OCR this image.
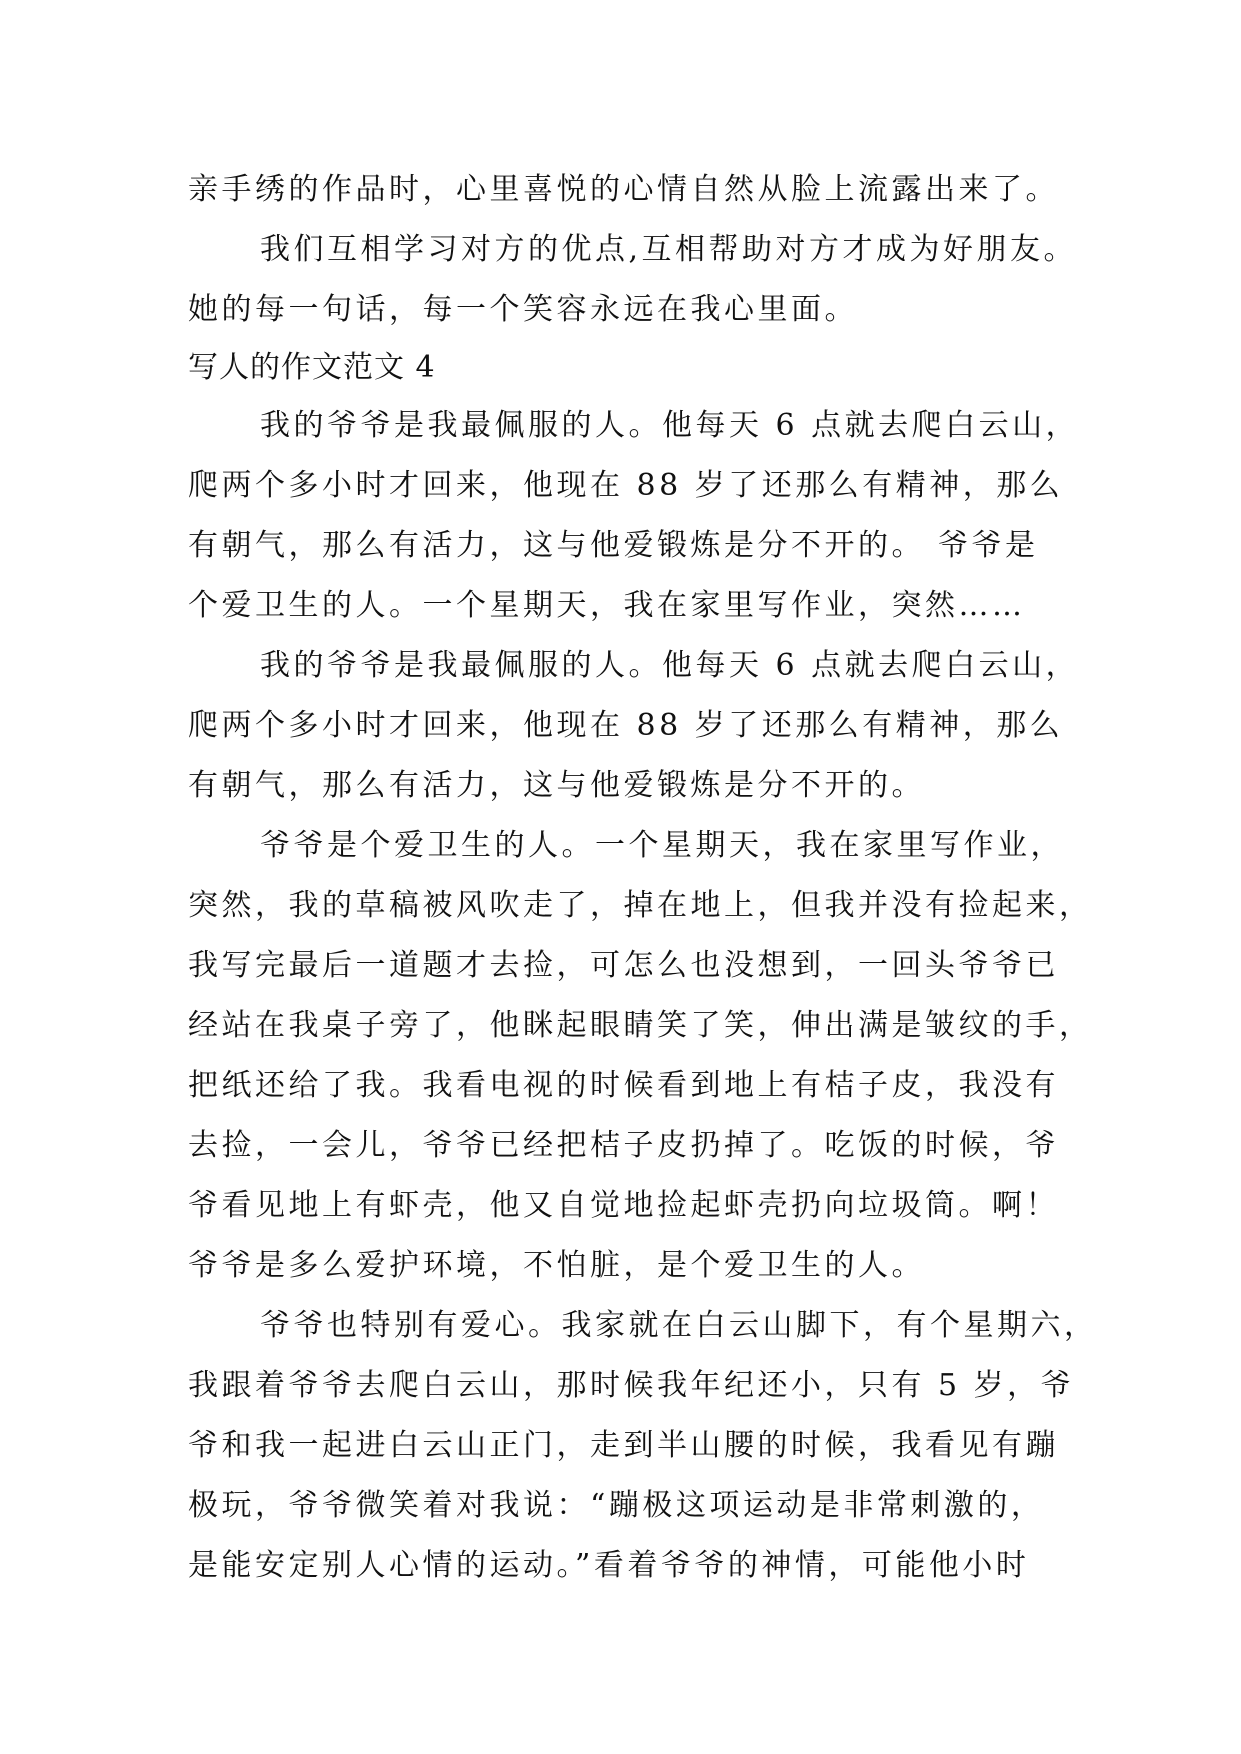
亲手绣的作品时，心里喜悦的心情自然从脸上流露出来了。
我们互相学习对方的优点,互相帮助对方才成为好朋友。
她的每一句话，每一个笑容永远在我心里面。
写人的作文范文 4
我的爷爷是我最佩服的人。他每天 6 点就去爬白云山，
爬两个多小时才回来，他现在 88 岁了还那么有精神，那么
有朝气，那么有活力，这与他爱锻炼是分不开的。 爷爷是
个爱卫生的人。一个星期天，我在家里写作业，突然……
我的爷爷是我最佩服的人。他每天 6 点就去爬白云山，
爬两个多小时才回来，他现在 88 岁了还那么有精神，那么
有朝气，那么有活力，这与他爱锻炼是分不开的。
爷爷是个爱卫生的人。一个星期天，我在家里写作业，
突然，我的草稿被风吹走了，掉在地上，但我并没有捡起来，
我写完最后一道题才去捡，可怎么也没想到，一回头爷爷已
经站在我桌子旁了，他眯起眼睛笑了笑，伸出满是皱纹的手，
把纸还给了我。我看电视的时候看到地上有桔子皮，我没有
去捡，一会儿，爷爷已经把桔子皮扔掉了。吃饭的时候，爷
爷看见地上有虾壳，他又自觉地捡起虾壳扔向垃圾筒。啊！
爷爷是多么爱护环境，不怕脏，是个爱卫生的人。
爷爷也特别有爱心。我家就在白云山脚下，有个星期六，
我跟着爷爷去爬白云山，那时候我年纪还小，只有 5 岁，爷
爷和我一起进白云山正门，走到半山腰的时候，我看见有蹦
极玩，爷爷微笑着对我说：“蹦极这项运动是非常刺激的，
是能安定别人心情的运动。”看着爷爷的神情，可能他小时
